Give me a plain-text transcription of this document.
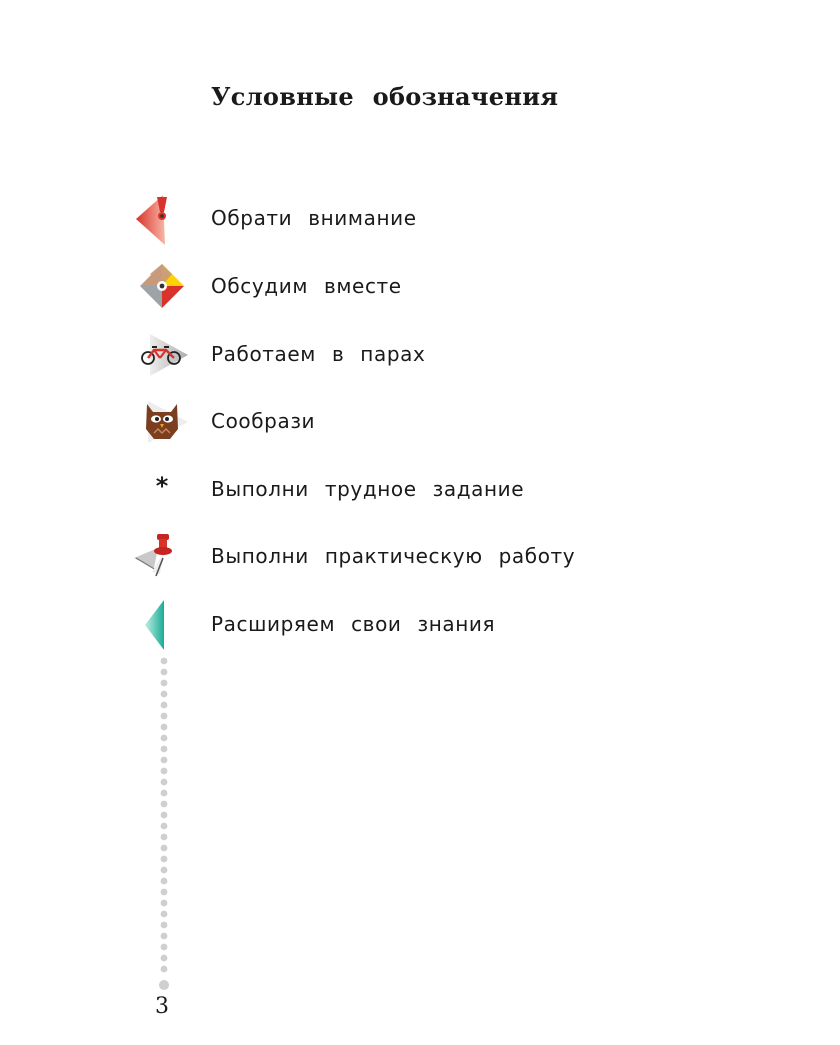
Условные обозначения
Обрати внимание
Обсудим вместе
Работаем в парах
Сообрази
* Выполни трудное задание
Выполни практическую работу
Расширяем свои знания
3
